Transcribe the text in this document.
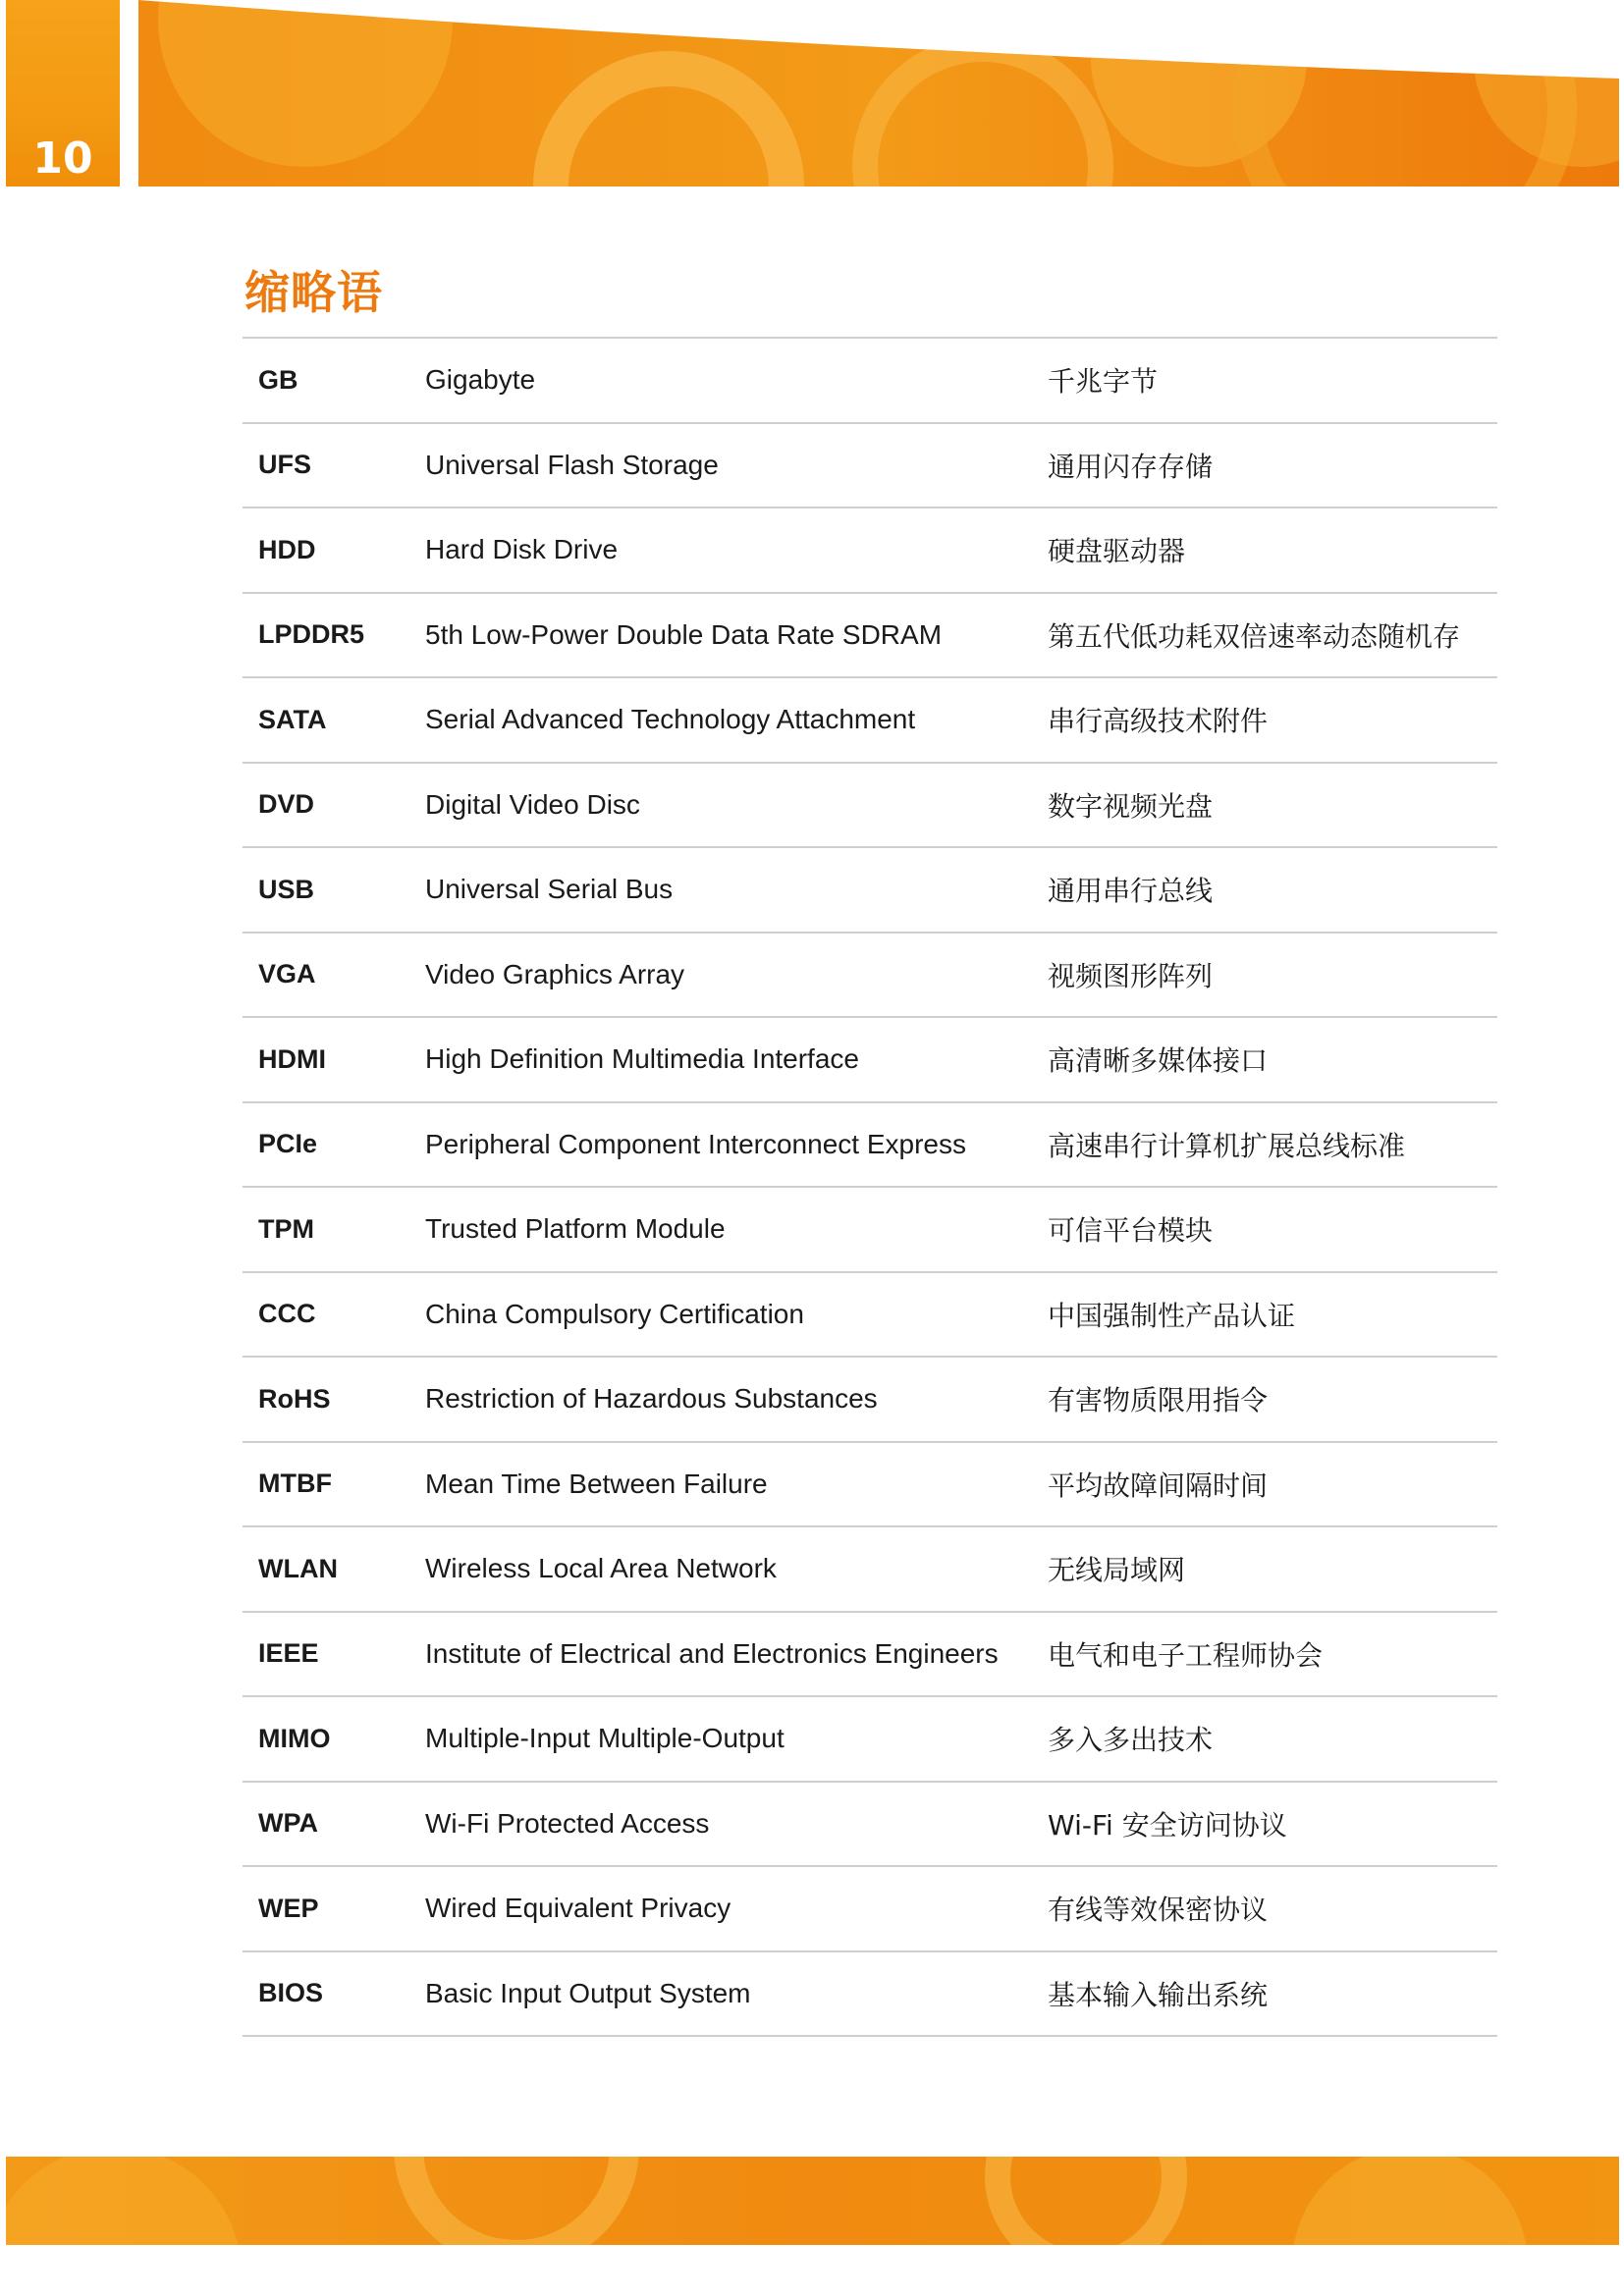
10
缩略语
GB	Gigabyte	千兆字节
UFS	Universal Flash Storage	通用闪存存储
HDD	Hard Disk Drive	硬盘驱动器
LPDDR5	5th Low-Power Double Data Rate SDRAM	第五代低功耗双倍速率动态随机存
SATA	Serial Advanced Technology Attachment	串行高级技术附件
DVD	Digital Video Disc	数字视频光盘
USB	Universal Serial Bus	通用串行总线
VGA	Video Graphics Array	视频图形阵列
HDMI	High Definition Multimedia Interface	高清晰多媒体接口
PCIe	Peripheral Component Interconnect Express	高速串行计算机扩展总线标准
TPM	Trusted Platform Module	可信平台模块
CCC	China Compulsory Certification	中国强制性产品认证
RoHS	Restriction of Hazardous Substances	有害物质限用指令
MTBF	Mean Time Between Failure	平均故障间隔时间
WLAN	Wireless Local Area Network	无线局域网
IEEE	Institute of Electrical and Electronics Engineers	电气和电子工程师协会
MIMO	Multiple-Input Multiple-Output	多入多出技术
WPA	Wi-Fi Protected Access	Wi-Fi 安全访问协议
WEP	Wired Equivalent Privacy	有线等效保密协议
BIOS	Basic Input Output System	基本输入输出系统
